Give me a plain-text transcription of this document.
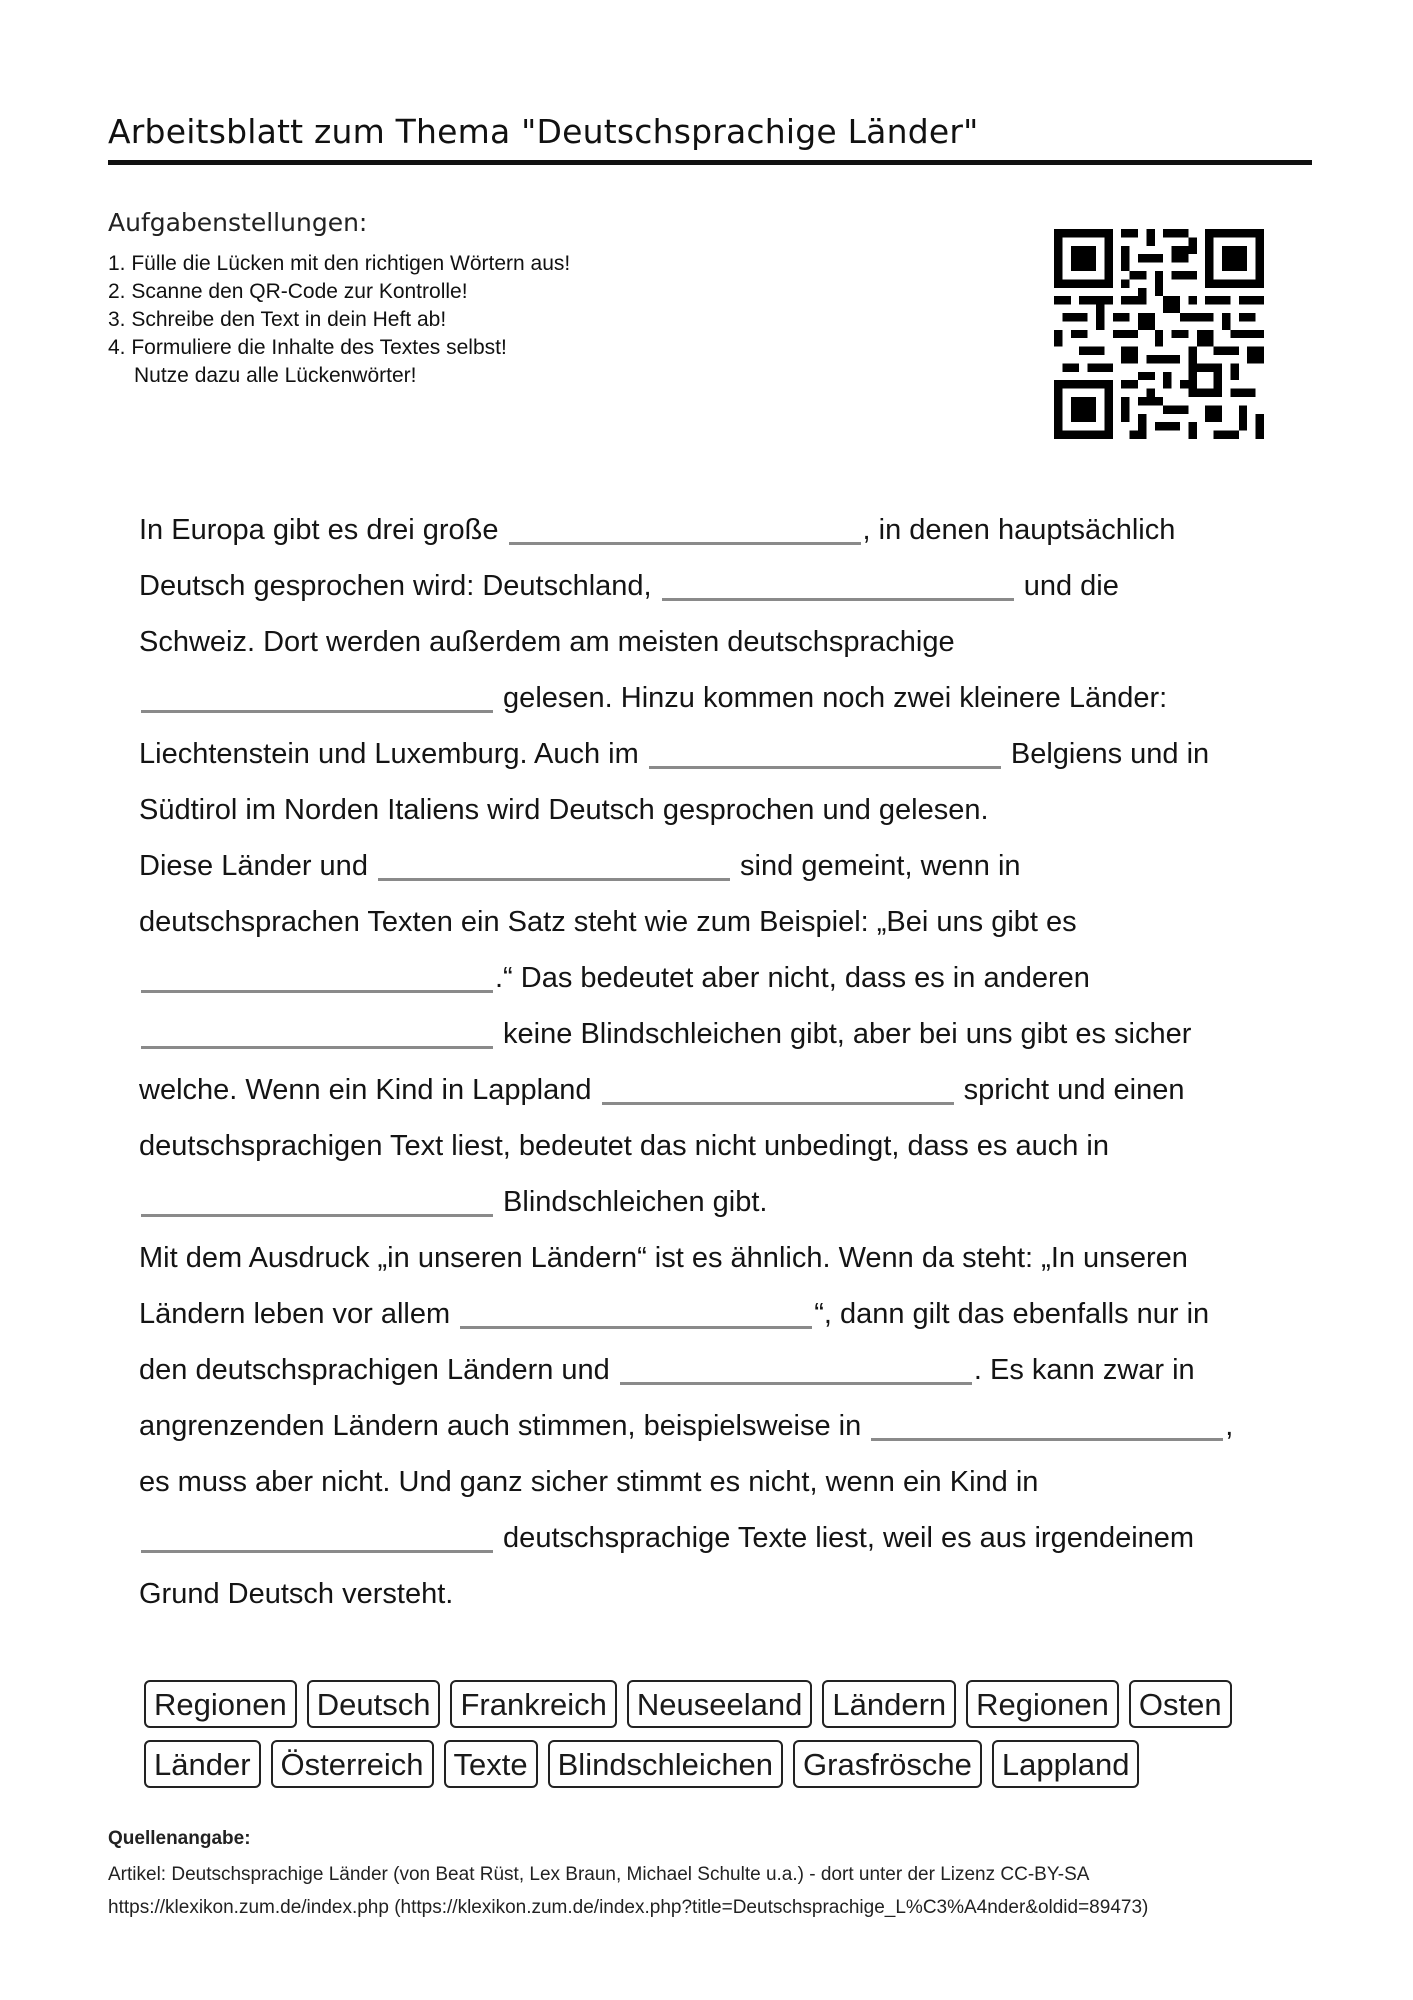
Arbeitsblatt zum Thema "Deutschsprachige Länder"
Aufgabenstellungen:
1. Fülle die Lücken mit den richtigen Wörtern aus!
2. Scanne den QR-Code zur Kontrolle!
3. Schreibe den Text in dein Heft ab!
4. Formuliere die Inhalte des Textes selbst!
Nutze dazu alle Lückenwörter!
In Europa gibt es drei große	, in denen hauptsächlich
Deutsch gesprochen wird: Deutschland,	und die
Schweiz. Dort werden außerdem am meisten deutschsprachige
gelesen. Hinzu kommen noch zwei kleinere Länder:
Liechtenstein und Luxemburg. Auch im	Belgiens und in
Südtirol im Norden Italiens wird Deutsch gesprochen und gelesen.
Diese Länder und	sind gemeint, wenn in
deutschsprachen Texten ein Satz steht wie zum Beispiel: „Bei uns gibt es
.“ Das bedeutet aber nicht, dass es in anderen
keine Blindschleichen gibt, aber bei uns gibt es sicher
welche. Wenn ein Kind in Lappland	spricht und einen
deutschsprachigen Text liest, bedeutet das nicht unbedingt, dass es auch in
Blindschleichen gibt.
Mit dem Ausdruck „in unseren Ländern“ ist es ähnlich. Wenn da steht: „In unseren
Ländern leben vor allem	“, dann gilt das ebenfalls nur in
den deutschsprachigen Ländern und	. Es kann zwar in
angrenzenden Ländern auch stimmen, beispielsweise in	,
es muss aber nicht. Und ganz sicher stimmt es nicht, wenn ein Kind in
deutschsprachige Texte liest, weil es aus irgendeinem
Grund Deutsch versteht.
Regionen Deutsch Frankreich Neuseeland Ländern Regionen Osten
Länder Österreich Texte Blindschleichen Grasfrösche Lappland
Quellenangabe:
Artikel: Deutschsprachige Länder (von Beat Rüst, Lex Braun, Michael Schulte u.a.) - dort unter der Lizenz CC-BY-SA
https://klexikon.zum.de/index.php (https://klexikon.zum.de/index.php?title=Deutschsprachige_L%C3%A4nder&oldid=89473)
